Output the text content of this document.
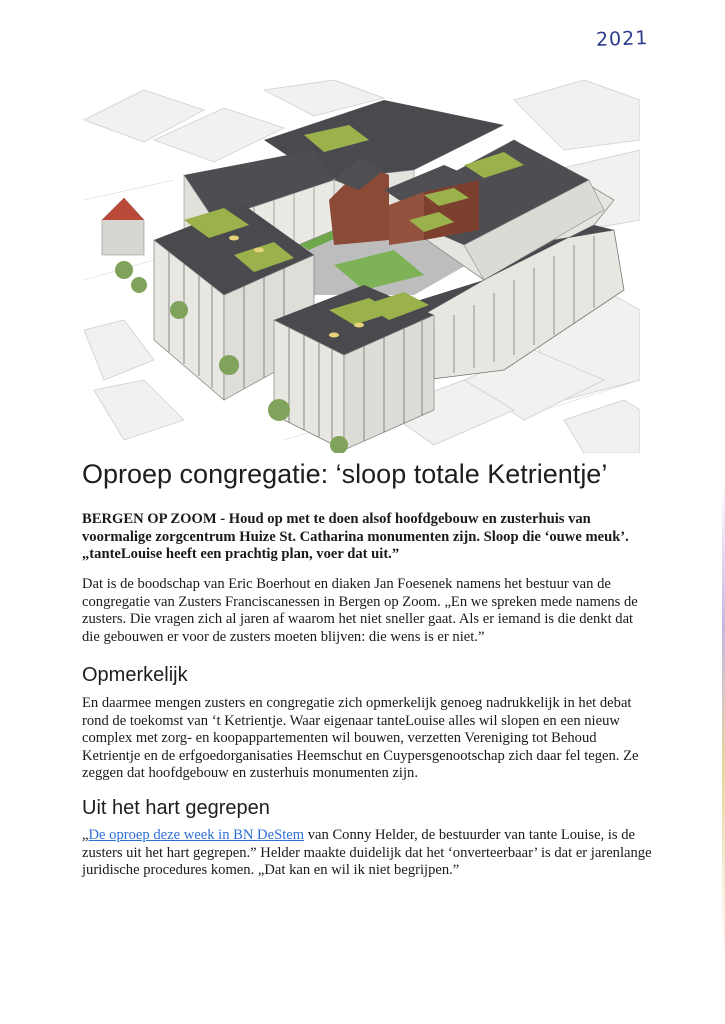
2021
Oproep congregatie: ‘sloop totale Ketrientje’

BERGEN OP ZOOM - Houd op met te doen alsof hoofdgebouw en zusterhuis van voormalige zorgcentrum Huize St. Catharina monumenten zijn. Sloop die ‘ouwe meuk’. „tanteLouise heeft een prachtig plan, voer dat uit.”

Dat is de boodschap van Eric Boerhout en diaken Jan Foesenek namens het bestuur van de congregatie van Zusters Franciscanessen in Bergen op Zoom. „En we spreken mede namens de zusters. Die vragen zich al jaren af waarom het niet sneller gaat. Als er iemand is die denkt dat die gebouwen er voor de zusters moeten blijven: die wens is er niet.”

Opmerkelijk

En daarmee mengen zusters en congregatie zich opmerkelijk genoeg nadrukkelijk in het debat rond de toekomst van ‘t Ketrientje. Waar eigenaar tanteLouise alles wil slopen en een nieuw complex met zorg- en koopappartementen wil bouwen, verzetten Vereniging tot Behoud Ketrientje en de erfgoedorganisaties Heemschut en Cuypersgenootschap zich daar fel tegen. Ze zeggen dat hoofdgebouw en zusterhuis monumenten zijn.

Uit het hart gegrepen

„De oproep deze week in BN DeStem van Conny Helder, de bestuurder van tante Louise, is de zusters uit het hart gegrepen.” Helder maakte duidelijk dat het ‘onverteerbaar’ is dat er jarenlange juridische procedures komen. „Dat kan en wil ik niet begrijpen.”
